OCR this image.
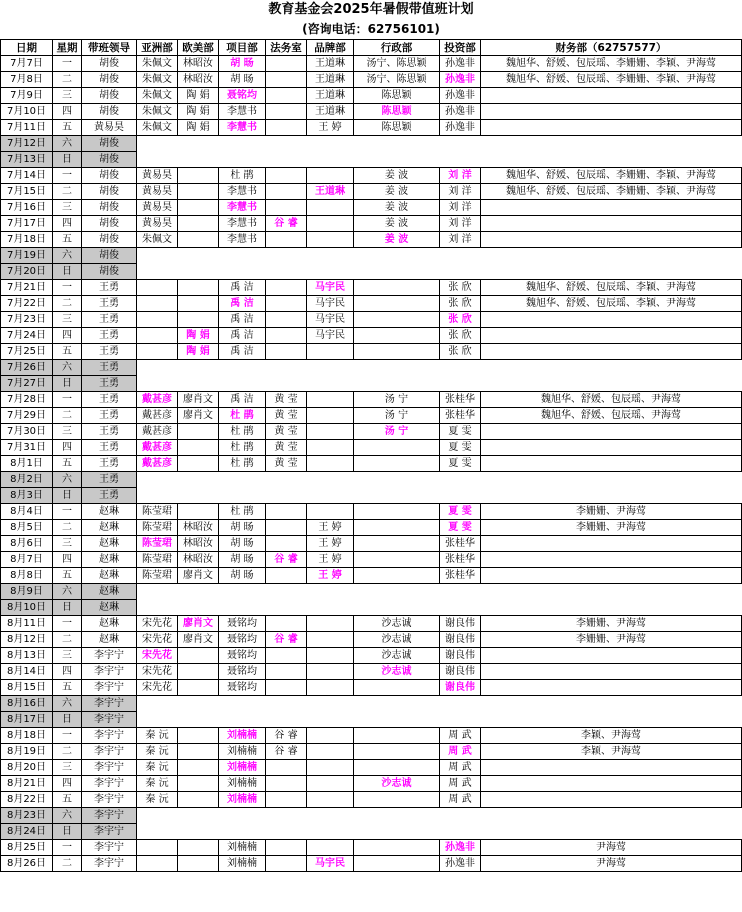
教育基金会2025年暑假带值班计划
(咨询电话：62756101)
日期	星期	带班领导	亚洲部	欧美部	项目部	法务室	品牌部	行政部	投资部	财务部（62757577）
7月7日	一	胡俊	朱佩文	林昭汝	胡 旸		王道琳	汤宁、陈思颖	孙逸非	魏旭华、舒媛、包辰瑶、李姗姗、李颖、尹海莺
7月8日	二	胡俊	朱佩文	林昭汝	胡 旸		王道琳	汤宁、陈思颖	孙逸非	魏旭华、舒媛、包辰瑶、李姗姗、李颖、尹海莺
7月9日	三	胡俊	朱佩文	陶 娟	聂铭均		王道琳	陈思颖	孙逸非	
7月10日	四	胡俊	朱佩文	陶 娟	李慧书		王道琳	陈思颖	孙逸非	
7月11日	五	黄易昊	朱佩文	陶 娟	李慧书		王 婷	陈思颖	孙逸非	
7月12日	六	胡俊								
7月13日	日	胡俊								
7月14日	一	胡俊	黄易昊		杜 鹃			姜 波	刘 洋	魏旭华、舒媛、包辰瑶、李姗姗、李颖、尹海莺
7月15日	二	胡俊	黄易昊		李慧书		王道琳	姜 波	刘 洋	魏旭华、舒媛、包辰瑶、李姗姗、李颖、尹海莺
7月16日	三	胡俊	黄易昊		李慧书			姜 波	刘 洋	
7月17日	四	胡俊	黄易昊		李慧书	谷 睿		姜 波	刘 洋	
7月18日	五	胡俊	朱佩文		李慧书			姜 波	刘 洋	
7月19日	六	胡俊								
7月20日	日	胡俊								
7月21日	一	王勇			禹 洁		马宇民		张 欣	魏旭华、舒媛、包辰瑶、李颖、尹海莺
7月22日	二	王勇			禹 洁		马宇民		张 欣	魏旭华、舒媛、包辰瑶、李颖、尹海莺
7月23日	三	王勇			禹 洁		马宇民		张 欣	
7月24日	四	王勇		陶 娟	禹 洁		马宇民		张 欣	
7月25日	五	王勇		陶 娟	禹 洁				张 欣	
7月26日	六	王勇								
7月27日	日	王勇								
7月28日	一	王勇	戴甚彦	廖肖文	禹 洁	黄 莹		汤 宁	张桂华	魏旭华、舒媛、包辰瑶、尹海莺
7月29日	二	王勇	戴甚彦	廖肖文	杜 鹃	黄 莹		汤 宁	张桂华	魏旭华、舒媛、包辰瑶、尹海莺
7月30日	三	王勇	戴甚彦		杜 鹃	黄 莹		汤 宁	夏 雯	
7月31日	四	王勇	戴甚彦		杜 鹃	黄 莹			夏 雯	
8月1日	五	王勇	戴甚彦		杜 鹃	黄 莹			夏 雯	
8月2日	六	王勇								
8月3日	日	王勇								
8月4日	一	赵琳	陈莹珺		杜 鹃				夏 雯	李姗姗、尹海莺
8月5日	二	赵琳	陈莹珺	林昭汝	胡 旸		王 婷		夏 雯	李姗姗、尹海莺
8月6日	三	赵琳	陈莹珺	林昭汝	胡 旸		王 婷		张桂华	
8月7日	四	赵琳	陈莹珺	林昭汝	胡 旸	谷 睿	王 婷		张桂华	
8月8日	五	赵琳	陈莹珺	廖肖文	胡 旸		王 婷		张桂华	
8月9日	六	赵琳								
8月10日	日	赵琳								
8月11日	一	赵琳	宋先花	廖肖文	聂铭均			沙志诚	谢良伟	李姗姗、尹海莺
8月12日	二	赵琳	宋先花	廖肖文	聂铭均	谷 睿		沙志诚	谢良伟	李姗姗、尹海莺
8月13日	三	李宇宁	宋先花		聂铭均			沙志诚	谢良伟	
8月14日	四	李宇宁	宋先花		聂铭均			沙志诚	谢良伟	
8月15日	五	李宇宁	宋先花		聂铭均				谢良伟	
8月16日	六	李宇宁								
8月17日	日	李宇宁								
8月18日	一	李宇宁	秦 沅		刘楠楠	谷 睿			周 武	李颖、尹海莺
8月19日	二	李宇宁	秦 沅		刘楠楠	谷 睿			周 武	李颖、尹海莺
8月20日	三	李宇宁	秦 沅		刘楠楠				周 武	
8月21日	四	李宇宁	秦 沅		刘楠楠			沙志诚	周 武	
8月22日	五	李宇宁	秦 沅		刘楠楠				周 武	
8月23日	六	李宇宁								
8月24日	日	李宇宁								
8月25日	一	李宇宁			刘楠楠				孙逸非	尹海莺
8月26日	二	李宇宁			刘楠楠		马宇民		孙逸非	尹海莺
